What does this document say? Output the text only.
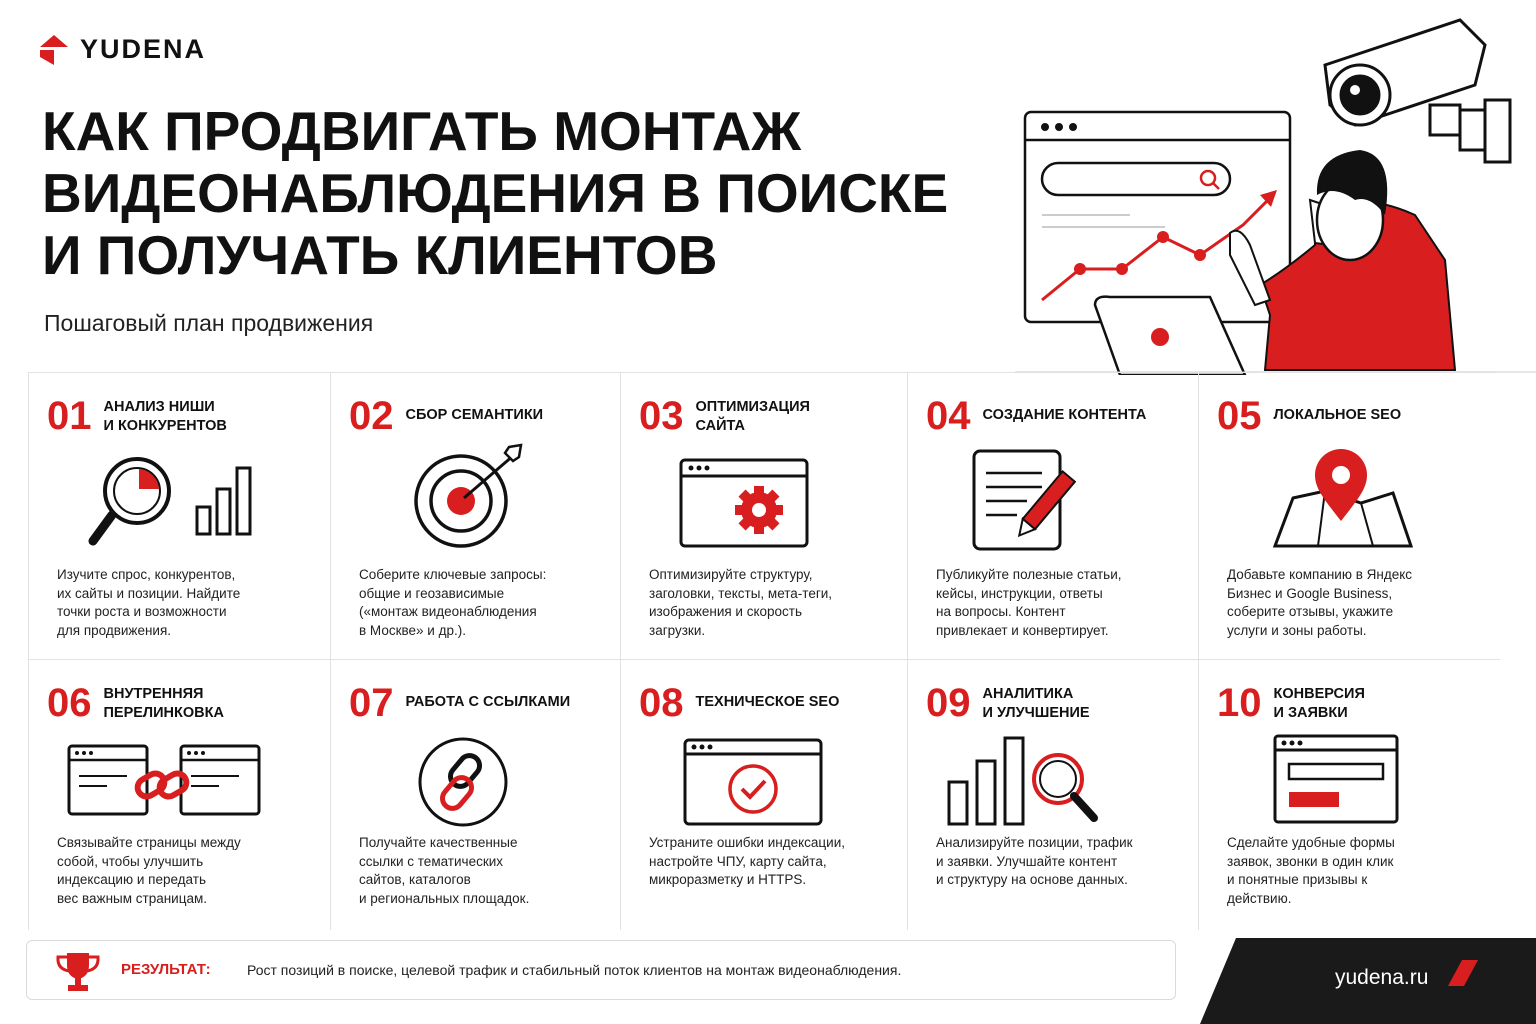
YUDENA
КАК ПРОДВИГАТЬ МОНТАЖ
ВИДЕОНАБЛЮДЕНИЯ В ПОИСКЕ
И ПОЛУЧАТЬ КЛИЕНТОВ
Пошаговый план продвижения
01 АНАЛИЗ НИШИ
И КОНКУРЕНТОВ
Изучите спрос, конкурентов,
их сайты и позиции. Найдите
точки роста и возможности
для продвижения.
02 СБОР СЕМАНТИКИ
Соберите ключевые запросы:
общие и геозависимые
(«монтаж видеонаблюдения
в Москве» и др.).
03 ОПТИМИЗАЦИЯ
САЙТА
Оптимизируйте структуру,
заголовки, тексты, мета-теги,
изображения и скорость
загрузки.
04 СОЗДАНИЕ КОНТЕНТА
Публикуйте полезные статьи,
кейсы, инструкции, ответы
на вопросы. Контент
привлекает и конвертирует.
05 ЛОКАЛЬНОЕ SEO
Добавьте компанию в Яндекс
Бизнес и Google Business,
соберите отзывы, укажите
услуги и зоны работы.
06 ВНУТРЕННЯЯ
ПЕРЕЛИНКОВКА
Связывайте страницы между
собой, чтобы улучшить
индексацию и передать
вес важным страницам.
07 РАБОТА С ССЫЛКАМИ
Получайте качественные
ссылки с тематических
сайтов, каталогов
и региональных площадок.
08 ТЕХНИЧЕСКОЕ SEO
Устраните ошибки индексации,
настройте ЧПУ, карту сайта,
микроразметку и HTTPS.
09 АНАЛИТИКА
И УЛУЧШЕНИЕ
Анализируйте позиции, трафик
и заявки. Улучшайте контент
и структуру на основе данных.
10 КОНВЕРСИЯ
И ЗАЯВКИ
Сделайте удобные формы
заявок, звонки в один клик
и понятные призывы к
действию.
РЕЗУЛЬТАТ:	Рост позиций в поиске, целевой трафик и стабильный поток клиентов на монтаж видеонаблюдения.	yudena.ru
